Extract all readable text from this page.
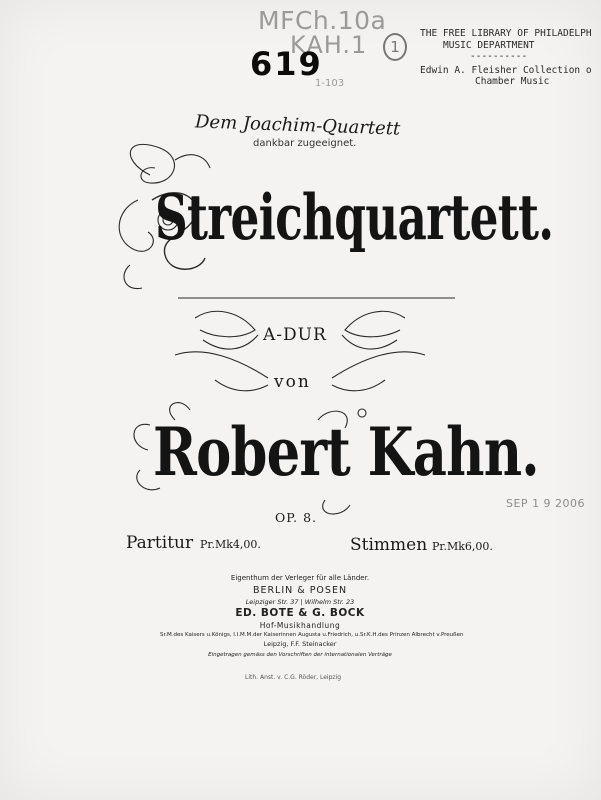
MFCh.10a
KAH.1	1
1-103
619
THE FREE LIBRARY OF PHILADELPH
MUSIC DEPARTMENT
----------
Edwin A. Fleisher Collection o
Chamber Music
Dem Joachim-Quartett
dankbar zugeeignet.
Streichquartett.
A-DUR
von
Robert Kahn.
OP. 8.
SEP 1 9 2006
Partitur Pr.Mk4,00.	Stimmen Pr.Mk6,00.
Eigenthum der Verleger für alle Länder.
BERLIN & POSEN
Leipziger Str. 37 | Wilhelm Str. 23
ED. BOTE & G. BOCK
Hof-Musikhandlung
Sr.M.des Kaisers u.Königs, I.I.M.M.der Kaiserinnen Augusta u.Friedrich, u.Sr.K.H.des Prinzen Albrecht v.Preußen
Leipzig, F.F. Steinacker
Eingetragen gemäss den Vorschriften der internationalen Verträge
Lith. Anst. v. C.G. Röder, Leipzig
